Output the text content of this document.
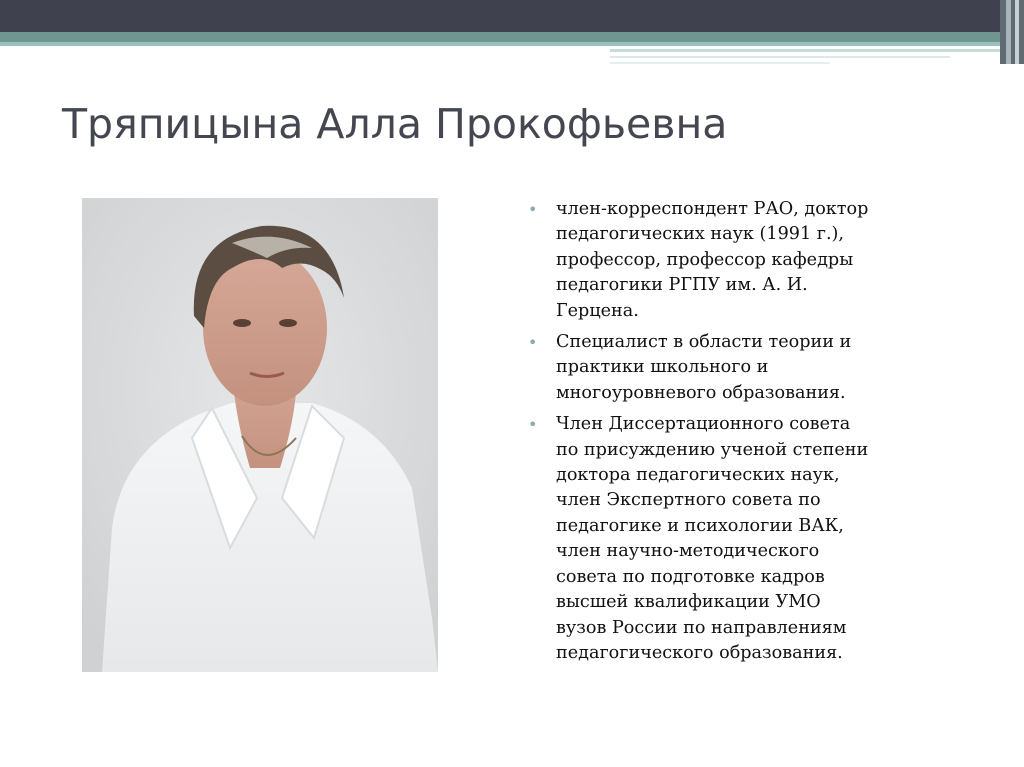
Тряпицына Алла Прокофьевна
• член-корреспондент РАО, доктор
педагогических наук (1991 г.),
профессор, профессор кафедры
педагогики РГПУ им. А. И.
Герцена.
• Специалист в области теории и
практики школьного и
многоуровневого образования.
• Член Диссертационного совета
по присуждению ученой степени
доктора педагогических наук,
член Экспертного совета по
педагогике и психологии ВАК,
член научно-методического
совета по подготовке кадров
высшей квалификации УМО
вузов России по направлениям
педагогического образования.
